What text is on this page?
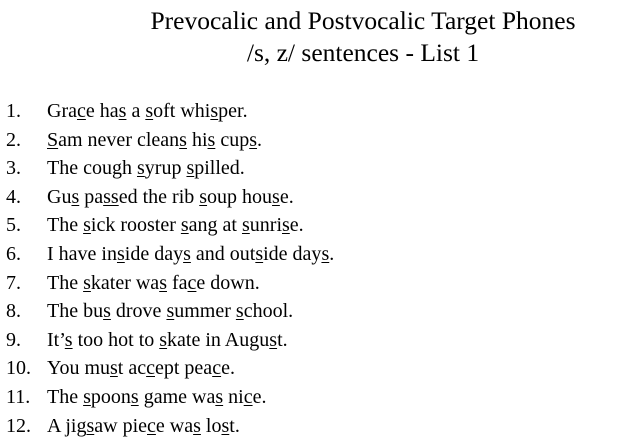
Prevocalic and Postvocalic Target Phones
/s, z/ sentences - List 1
1. Grace has a soft whisper.
2. Sam never cleans his cups.
3. The cough syrup spilled.
4. Gus passed the rib soup house.
5. The sick rooster sang at sunrise.
6. I have inside days and outside days.
7. The skater was face down.
8. The bus drove summer school.
9. It’s too hot to skate in August.
10. You must accept peace.
11. The spoons game was nice.
12. A jigsaw piece was lost.
